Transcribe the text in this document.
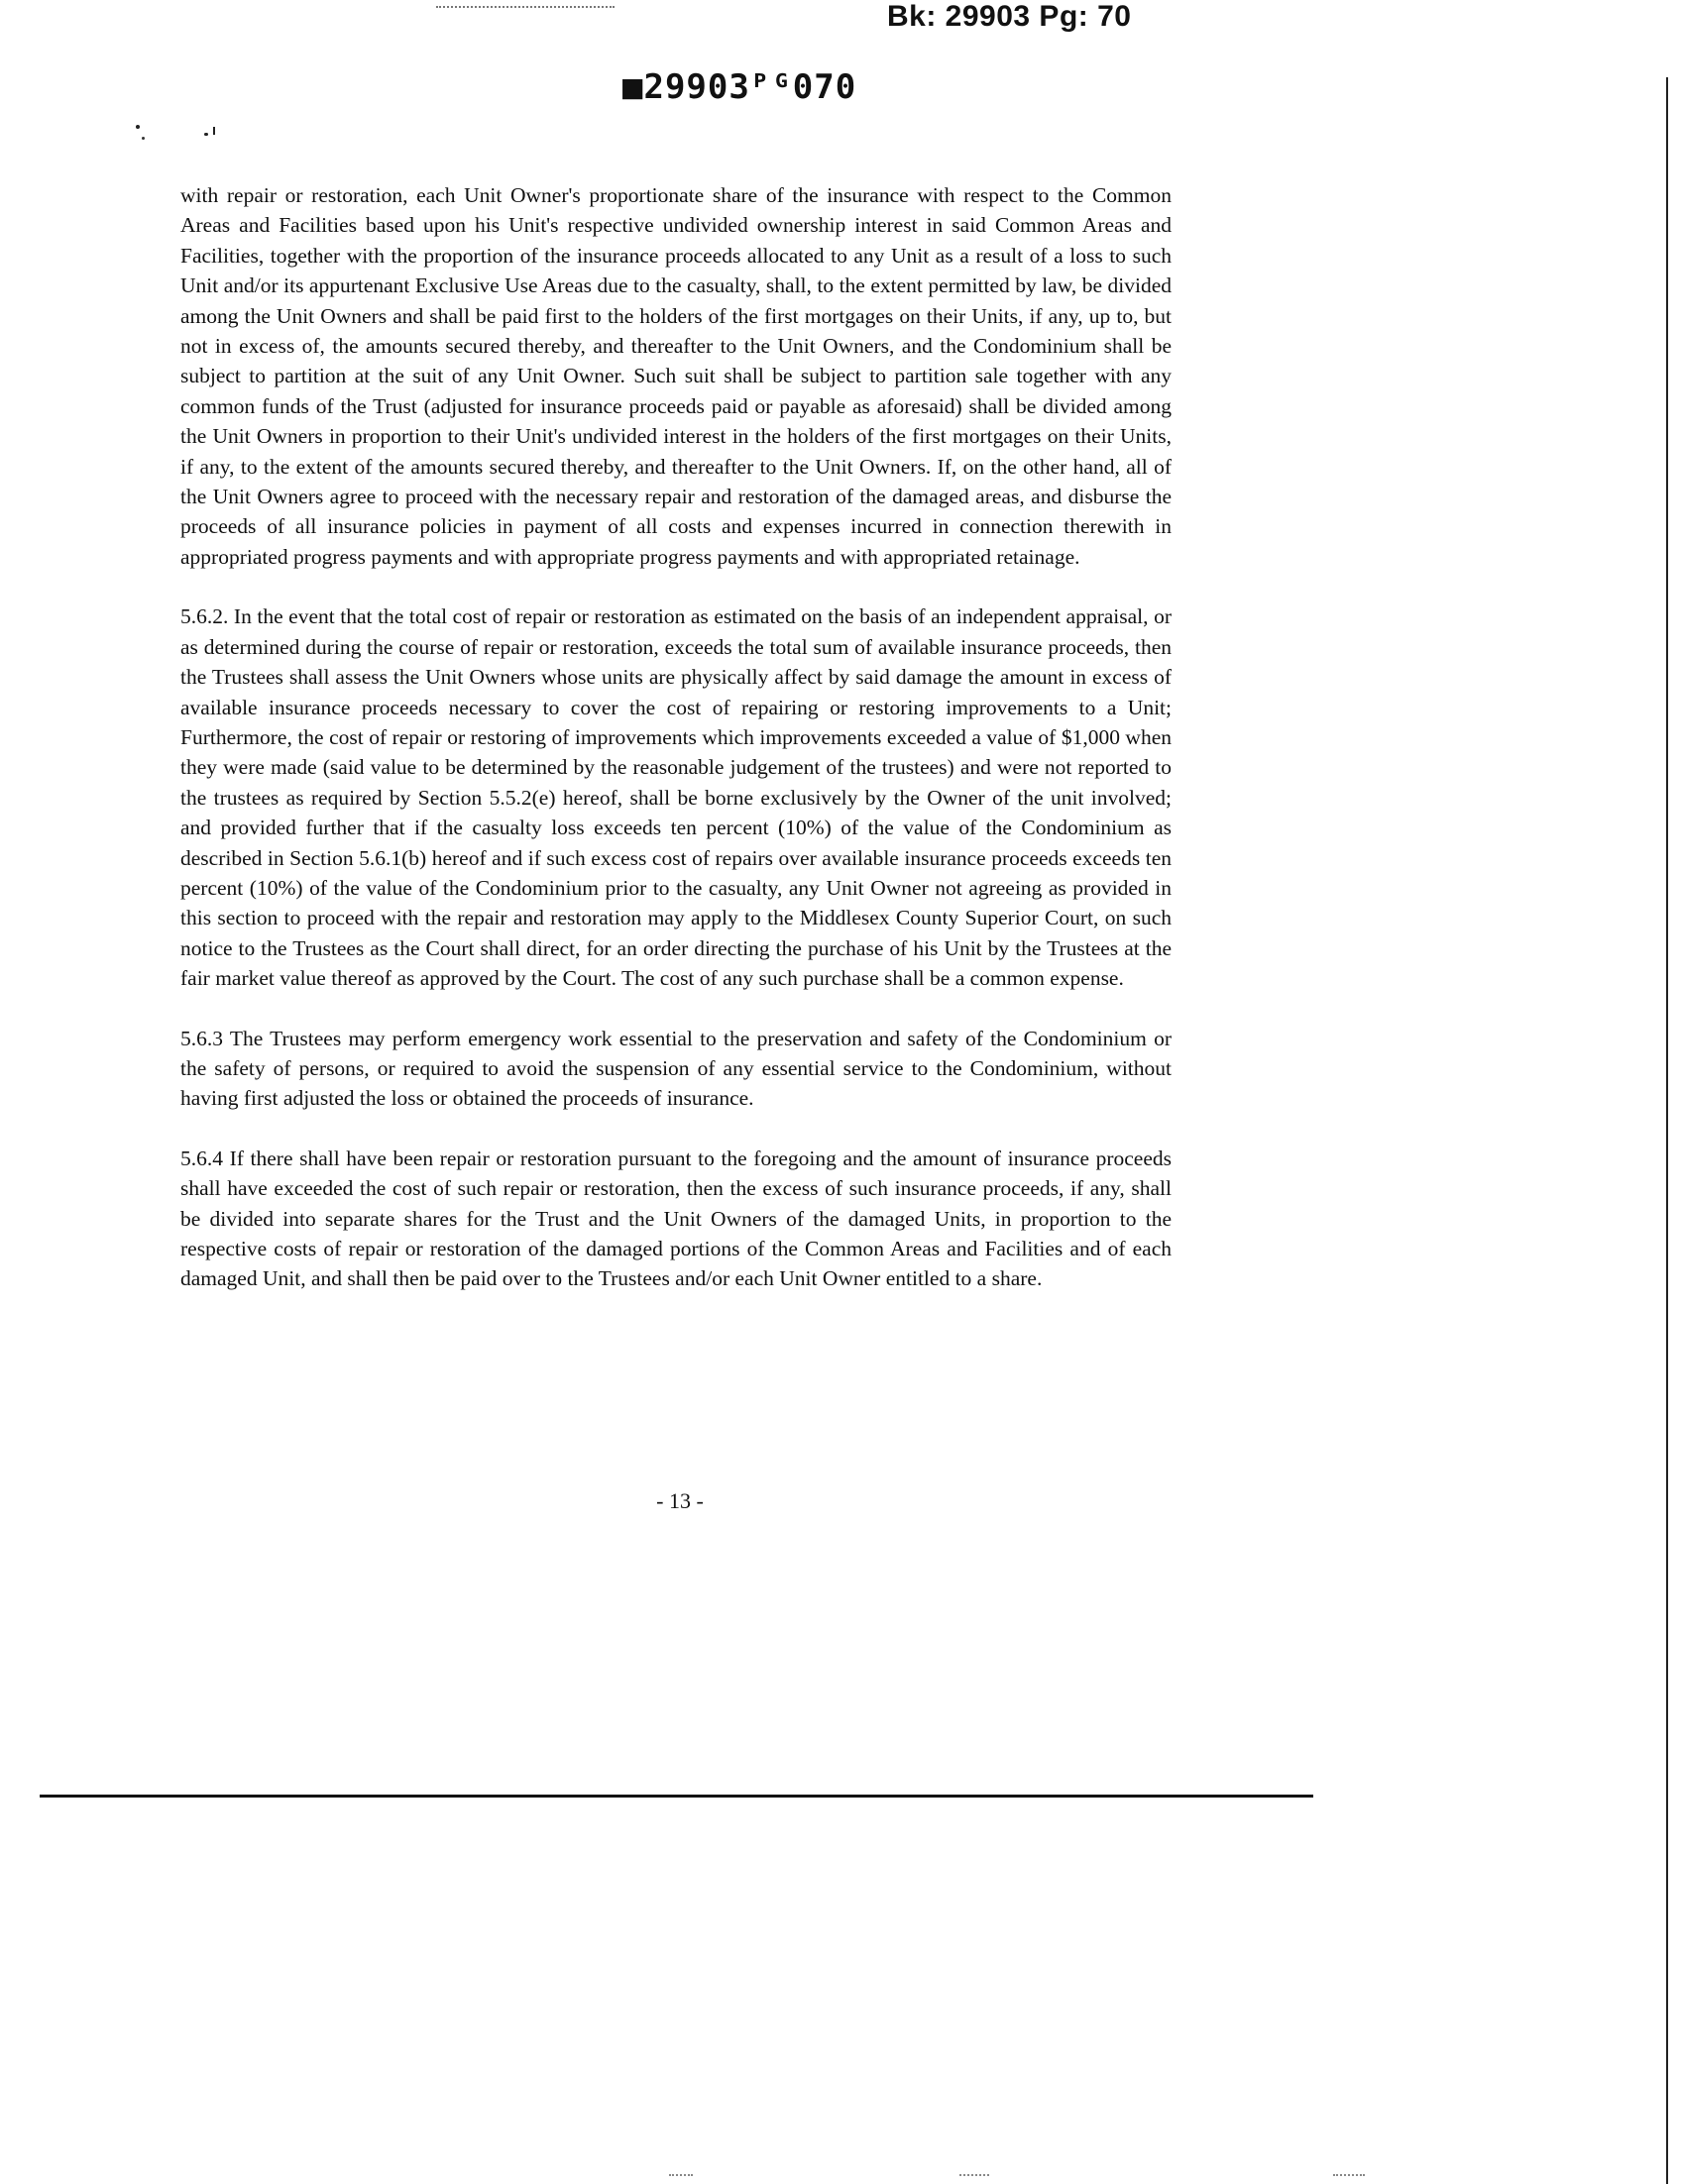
Bk: 29903 Pg: 70
■29903ᴾᴳ070

with repair or restoration, each Unit Owner's proportionate share of the insurance with respect to the Common Areas and Facilities based upon his Unit's respective undivided ownership interest in said Common Areas and Facilities, together with the proportion of the insurance proceeds allocated to any Unit as a result of a loss to such Unit and/or its appurtenant Exclusive Use Areas due to the casualty, shall, to the extent permitted by law, be divided among the Unit Owners and shall be paid first to the holders of the first mortgages on their Units, if any, up to, but not in excess of, the amounts secured thereby, and thereafter to the Unit Owners, and the Condominium shall be subject to partition at the suit of any Unit Owner. Such suit shall be subject to partition sale together with any common funds of the Trust (adjusted for insurance proceeds paid or payable as aforesaid) shall be divided among the Unit Owners in proportion to their Unit's undivided interest in the holders of the first mortgages on their Units, if any, to the extent of the amounts secured thereby, and thereafter to the Unit Owners. If, on the other hand, all of the Unit Owners agree to proceed with the necessary repair and restoration of the damaged areas, and disburse the proceeds of all insurance policies in payment of all costs and expenses incurred in connection therewith in appropriated progress payments and with appropriate progress payments and with appropriated retainage.

5.6.2. In the event that the total cost of repair or restoration as estimated on the basis of an independent appraisal, or as determined during the course of repair or restoration, exceeds the total sum of available insurance proceeds, then the Trustees shall assess the Unit Owners whose units are physically affect by said damage the amount in excess of available insurance proceeds necessary to cover the cost of repairing or restoring improvements to a Unit; Furthermore, the cost of repair or restoring of improvements which improvements exceeded a value of $1,000 when they were made (said value to be determined by the reasonable judgement of the trustees) and were not reported to the trustees as required by Section 5.5.2(e) hereof, shall be borne exclusively by the Owner of the unit involved; and provided further that if the casualty loss exceeds ten percent (10%) of the value of the Condominium as described in Section 5.6.1(b) hereof and if such excess cost of repairs over available insurance proceeds exceeds ten percent (10%) of the value of the Condominium prior to the casualty, any Unit Owner not agreeing as provided in this section to proceed with the repair and restoration may apply to the Middlesex County Superior Court, on such notice to the Trustees as the Court shall direct, for an order directing the purchase of his Unit by the Trustees at the fair market value thereof as approved by the Court. The cost of any such purchase shall be a common expense.

5.6.3 The Trustees may perform emergency work essential to the preservation and safety of the Condominium or the safety of persons, or required to avoid the suspension of any essential service to the Condominium, without having first adjusted the loss or obtained the proceeds of insurance.

5.6.4 If there shall have been repair or restoration pursuant to the foregoing and the amount of insurance proceeds shall have exceeded the cost of such repair or restoration, then the excess of such insurance proceeds, if any, shall be divided into separate shares for the Trust and the Unit Owners of the damaged Units, in proportion to the respective costs of repair or restoration of the damaged portions of the Common Areas and Facilities and of each damaged Unit, and shall then be paid over to the Trustees and/or each Unit Owner entitled to a share.

- 13 -
